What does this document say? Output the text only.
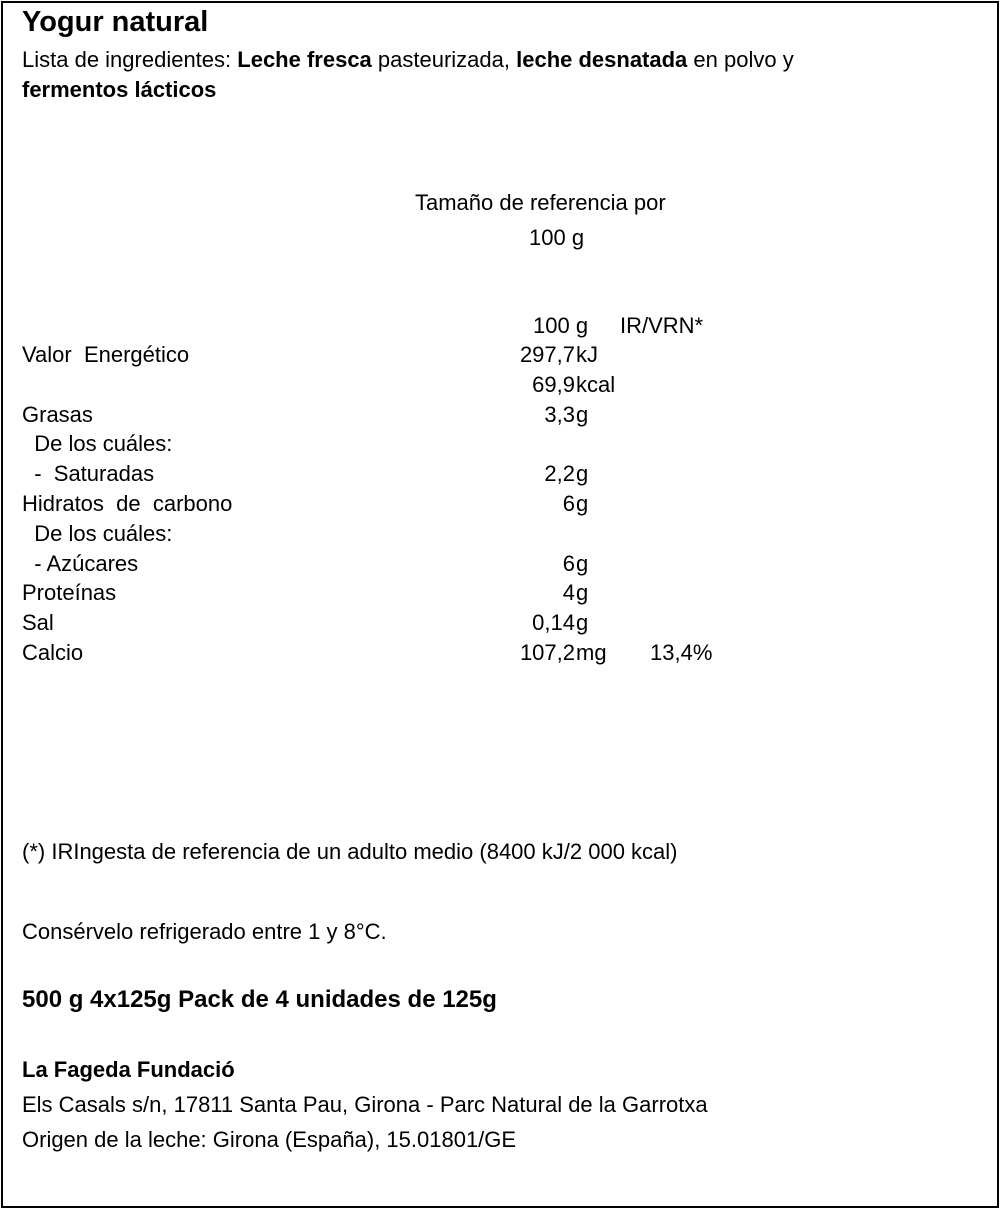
Yogur natural
Lista de ingredientes: Leche fresca pasteurizada, leche desnatada en polvo y
fermentos lácticos
Tamaño de referencia por
100 g
100 g IR/VRN*
Valor  Energético	297,7 kJ
69,9 kcal
Grasas	3,3 g
De los cuáles:
-  Saturadas	2,2 g
Hidratos  de  carbono	6 g
De los cuáles:
- Azúcares	6 g
Proteínas	4 g
Sal	0,14 g
Calcio	107,2 mg 13,4%
(*) IRIngesta de referencia de un adulto medio (8400 kJ/2 000 kcal)
Consérvelo refrigerado entre 1 y 8°C.
500 g 4x125g Pack de 4 unidades de 125g
La Fageda Fundació
Els Casals s/n, 17811 Santa Pau, Girona - Parc Natural de la Garrotxa
Origen de la leche: Girona (España), 15.01801/GE
